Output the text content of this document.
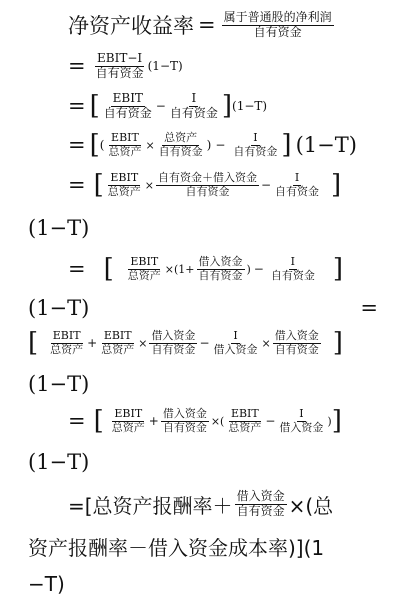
净资产收益率 = $\frac{\text{属于普通股的净利润}}{\text{自有资金}}$
= $\frac{\text{EBIT−I}}{\text{自有资金}} (1-T)$
= [ $\frac{\text{EBIT}}{\text{自有资金}} - \frac{I}{\text{自有资金}}$ ] (1−T)
= [ ( $\frac{\text{EBIT}}{\text{总资产}} \times \frac{\text{总资产}}{\text{自有资金}}$ ) − $\frac{I}{\text{自有资金}}$ ] (1−T)
= [ $\frac{\text{EBIT}}{\text{总资产}} \times \frac{\text{自有资金＋借入资金}}{\text{自有资金}} - \frac{I}{\text{自有资金}}$ ]
(1−T)
= [ $\frac{\text{EBIT}}{\text{总资产}} \times(1+ \frac{\text{借入资金}}{\text{自有资金}}$ ) − $\frac{I}{\text{自有资金}}$ ]
(1−T)	=
[ $\frac{\text{EBIT}}{\text{总资产}} + \frac{\text{EBIT}}{\text{总资产}} \times \frac{\text{借入资金}}{\text{自有资金}} - \frac{I}{\text{借入资金}} \times \frac{\text{借入资金}}{\text{自有资金}}$ ]
(1−T)
= [ $\frac{\text{EBIT}}{\text{总资产}} + \frac{\text{借入资金}}{\text{自有资金}}$ ×( $\frac{\text{EBIT}}{\text{总资产}} - \frac{I}{\text{借入资金}}$ ) ]
(1−T)
=[总资产报酬率＋ $\frac{\text{借入资金}}{\text{自有资金}}$ ×(总
资产报酬率－借入资金成本率)](1
−T)
